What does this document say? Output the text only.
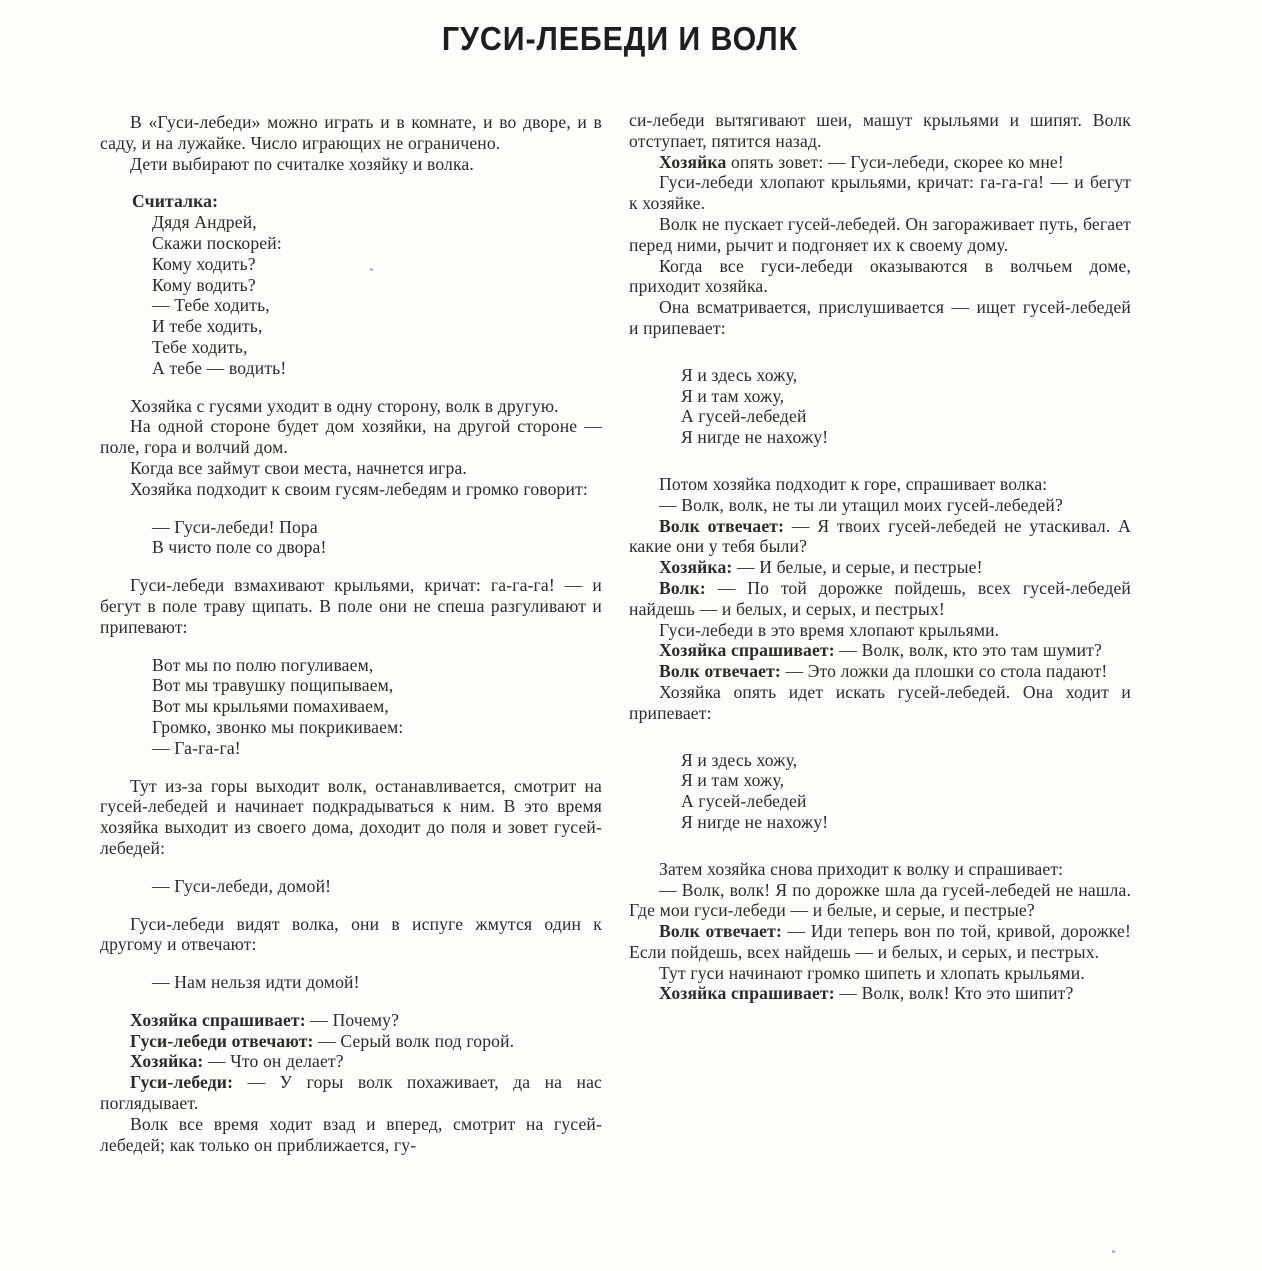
ГУСИ-ЛЕБЕДИ И ВОЛК

В «Гуси-лебеди» можно играть и в комнате, и во дворе, и в саду, и на лужайке. Число играющих не ограничено.

Дети выбирают по считалке хозяйку и волка.

Считалка:
Дядя Андрей,
Скажи поскорей:
Кому ходить?
Кому водить?
— Тебе ходить,
И тебе ходить,
Тебе ходить,
А тебе — водить!

Хозяйка с гусями уходит в одну сторону, волк в другую.

На одной стороне будет дом хозяйки, на другой стороне — поле, гора и волчий дом.

Когда все займут свои места, начнется игра.

Хозяйка подходит к своим гусям-лебедям и громко говорит:

— Гуси-лебеди! Пора
В чисто поле со двора!

Гуси-лебеди взмахивают крыльями, кричат: га-га-га! — и бегут в поле траву щипать. В поле они не спеша разгуливают и припевают:

Вот мы по полю погуливаем,
Вот мы травушку пощипываем,
Вот мы крыльями помахиваем,
Громко, звонко мы покрикиваем:
— Га-га-га!

Тут из-за горы выходит волк, останавливается, смотрит на гусей-лебедей и начинает подкрадываться к ним. В это время хозяйка выходит из своего дома, доходит до поля и зовет гусей-лебедей:

— Гуси-лебеди, домой!

Гуси-лебеди видят волка, они в испуге жмутся один к другому и отвечают:

— Нам нельзя идти домой!

Хозяйка спрашивает: — Почему?

Гуси-лебеди отвечают: — Серый волк под горой.

Хозяйка: — Что он делает?

Гуси-лебеди: — У горы волк похаживает, да на нас поглядывает.

Волк все время ходит взад и вперед, смотрит на гусей-лебедей; как только он приближается, гу-

си-лебеди вытягивают шеи, машут крыльями и шипят. Волк отступает, пятится назад.

Хозяйка опять зовет: — Гуси-лебеди, скорее ко мне!

Гуси-лебеди хлопают крыльями, кричат: га-га-га! — и бегут к хозяйке.

Волк не пускает гусей-лебедей. Он загораживает путь, бегает перед ними, рычит и подгоняет их к своему дому.

Когда все гуси-лебеди оказываются в волчьем доме, приходит хозяйка.

Она всматривается, прислушивается — ищет гусей-лебедей и припевает:

Я и здесь хожу,
Я и там хожу,
А гусей-лебедей
Я нигде не нахожу!

Потом хозяйка подходит к горе, спрашивает волка:

— Волк, волк, не ты ли утащил моих гусей-лебедей?

Волк отвечает: — Я твоих гусей-лебедей не утаскивал. А какие они у тебя были?

Хозяйка: — И белые, и серые, и пестрые!

Волк: — По той дорожке пойдешь, всех гусей-лебедей найдешь — и белых, и серых, и пестрых!

Гуси-лебеди в это время хлопают крыльями.

Хозяйка спрашивает: — Волк, волк, кто это там шумит?

Волк отвечает: — Это ложки да плошки со стола падают!

Хозяйка опять идет искать гусей-лебедей. Она ходит и припевает:

Я и здесь хожу,
Я и там хожу,
А гусей-лебедей
Я нигде не нахожу!

Затем хозяйка снова приходит к волку и спрашивает:

— Волк, волк! Я по дорожке шла да гусей-лебедей не нашла. Где мои гуси-лебеди — и белые, и серые, и пестрые?

Волк отвечает: — Иди теперь вон по той, кривой, дорожке! Если пойдешь, всех найдешь — и белых, и серых, и пестрых.

Тут гуси начинают громко шипеть и хлопать крыльями.

Хозяйка спрашивает: — Волк, волк! Кто это шипит?
